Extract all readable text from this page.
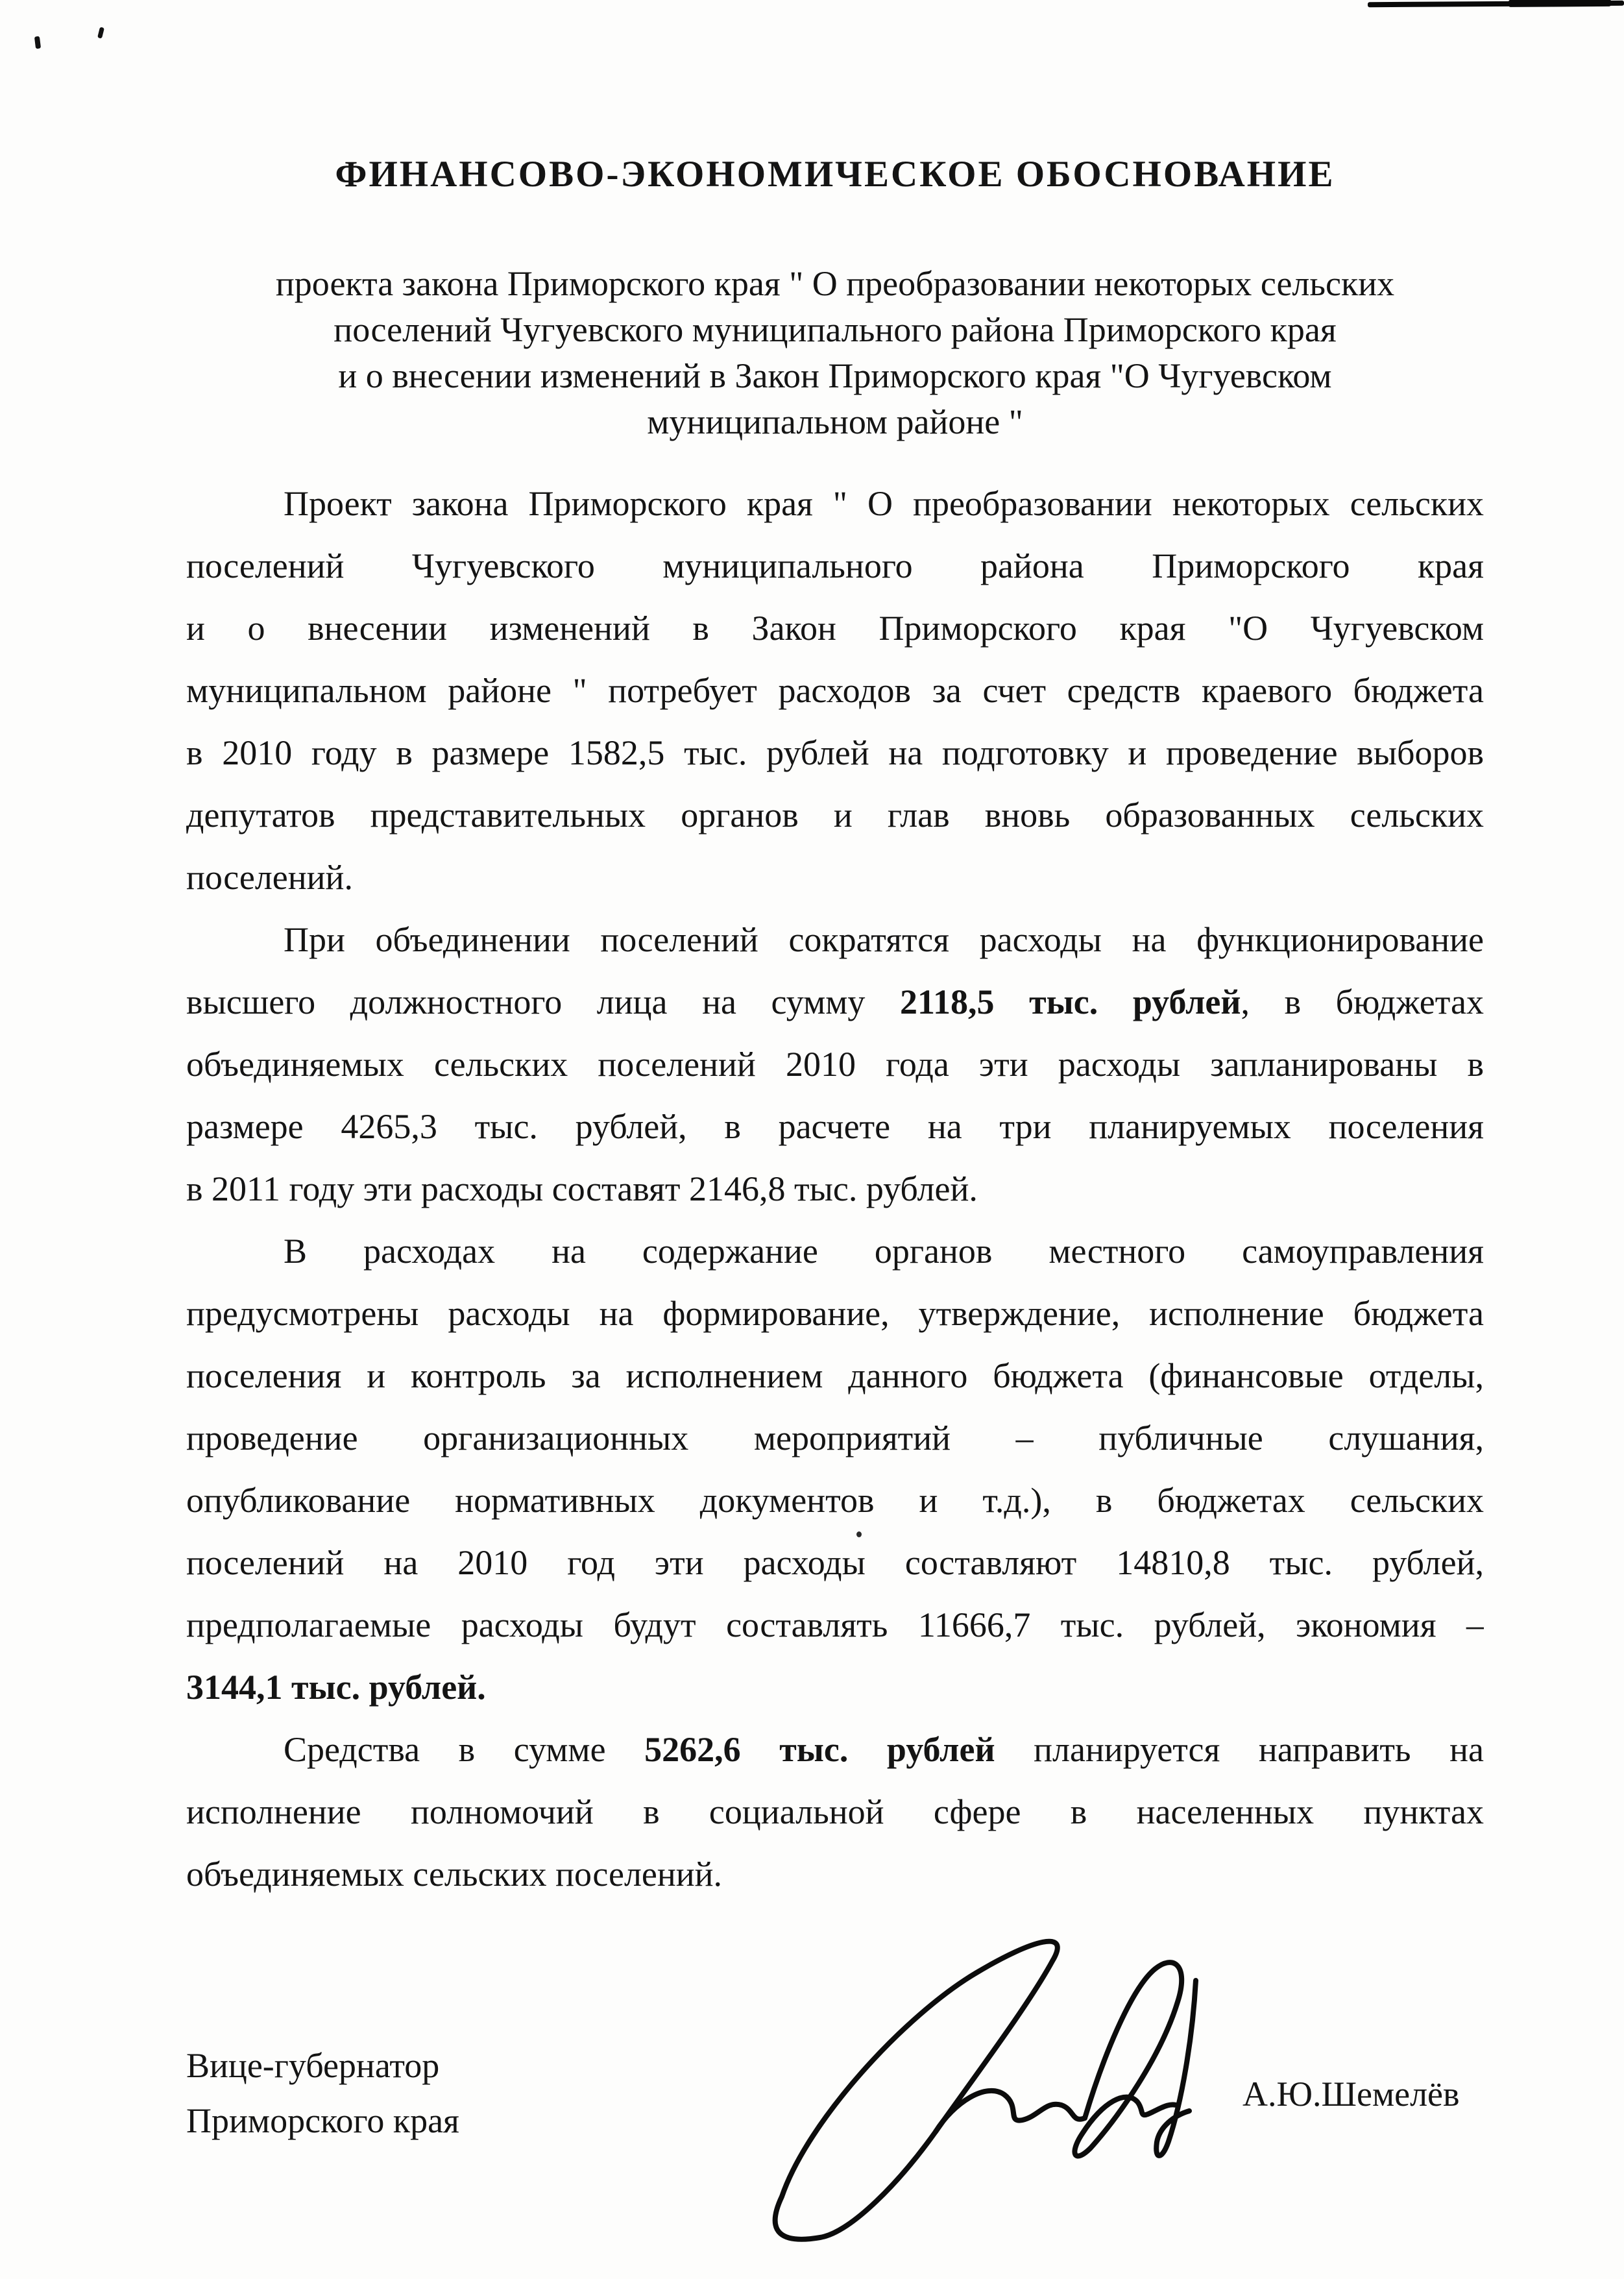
ФИНАНСОВО-ЭКОНОМИЧЕСКОЕ ОБОСНОВАНИЕ
проекта закона Приморского края " О преобразовании некоторых сельских
поселений Чугуевского муниципального района Приморского края
и о внесении изменений в Закон Приморского края "О Чугуевском
муниципальном районе "
Проект закона Приморского края " О преобразовании некоторых сельских
поселений Чугуевского муниципального района Приморского края
и о внесении изменений в Закон Приморского края "О Чугуевском
муниципальном районе " потребует расходов за счет средств краевого бюджета
в 2010 году в размере 1582,5 тыс. рублей на подготовку и проведение выборов
депутатов представительных органов и глав вновь образованных сельских
поселений.
При объединении поселений сократятся расходы на функционирование
высшего должностного лица на сумму 2118,5 тыс. рублей, в бюджетах
объединяемых сельских поселений 2010 года эти расходы запланированы в
размере 4265,3 тыс. рублей, в расчете на три планируемых поселения
в 2011 году эти расходы составят 2146,8 тыс. рублей.
В расходах на содержание органов местного самоуправления
предусмотрены расходы на формирование, утверждение, исполнение бюджета
поселения и контроль за исполнением данного бюджета (финансовые отделы,
проведение организационных мероприятий – публичные слушания,
опубликование нормативных документов и т.д.), в бюджетах сельских
поселений на 2010 год эти расходы составляют 14810,8 тыс. рублей,
предполагаемые расходы будут составлять 11666,7 тыс. рублей, экономия –
3144,1 тыс. рублей.
Средства в сумме 5262,6 тыс. рублей планируется направить на
исполнение полномочий в социальной сфере в населенных пунктах
объединяемых сельских поселений.
Вице-губернатор
Приморского края
А.Ю.Шемелёв
